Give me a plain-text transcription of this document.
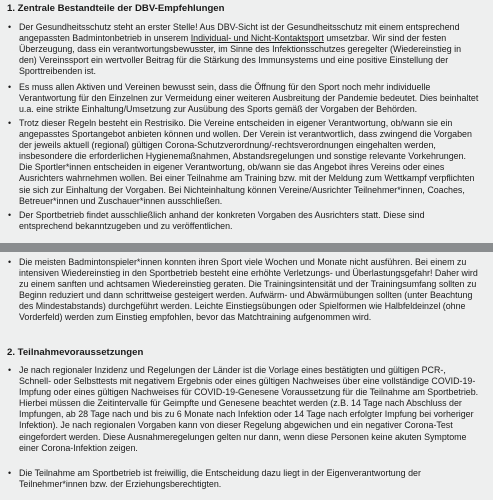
1. Zentrale Bestandteile der DBV-Empfehlungen

• Der Gesundheitsschutz steht an erster Stelle! Aus DBV-Sicht ist der Gesundheitsschutz mit einem entsprechend angepassten Badmintonbetrieb in unserem Individual- und Nicht-Kontaktsport umsetzbar. Wir sind der festen Überzeugung, dass ein verantwortungsbewusster, im Sinne des Infektionsschutzes geregelter (Wiedereinstieg in den) Vereinssport ein wertvoller Beitrag für die Stärkung des Immunsystems und eine positive Einstellung der Sporttreibenden ist.
• Es muss allen Aktiven und Vereinen bewusst sein, dass die Öffnung für den Sport noch mehr individuelle Verantwortung für den Einzelnen zur Vermeidung einer weiteren Ausbreitung der Pandemie bedeutet. Dies beinhaltet u.a. eine strikte Einhaltung/Umsetzung zur Ausübung des Sports gemäß der Vorgaben der Behörden.
• Trotz dieser Regeln besteht ein Restrisiko. Die Vereine entscheiden in eigener Verantwortung, ob/wann sie ein angepasstes Sportangebot anbieten können und wollen. Der Verein ist verantwortlich, dass zwingend die Vorgaben der jeweils aktuell (regional) gültigen Corona-Schutzverordnung/-rechtsverordnungen eingehalten werden, insbesondere die erforderlichen Hygienemaßnahmen, Abstandsregelungen und sonstige relevante Vorkehrungen. Die Sportler*innen entscheiden in eigener Verantwortung, ob/wann sie das Angebot ihres Vereins oder eines Ausrichters wahrnehmen wollen. Bei einer Teilnahme am Training bzw. mit der Meldung zum Wettkampf verpflichten sie sich zur Einhaltung der Vorgaben. Bei Nichteinhaltung können Vereine/Ausrichter Teilnehmer*innen, Coaches, Betreuer*innen und Zuschauer*innen ausschließen.
• Der Sportbetrieb findet ausschließlich anhand der konkreten Vorgaben des Ausrichters statt. Diese sind entsprechend bekanntzugeben und zu veröffentlichen.
• Die meisten Badmintonspieler*innen konnten ihren Sport viele Wochen und Monate nicht ausführen. Bei einem zu intensiven Wiedereinstieg in den Sportbetrieb besteht eine erhöhte Verletzungs- und Überlastungsgefahr! Daher wird zu einem sanften und achtsamen Wiedereinstieg geraten. Die Trainingsintensität und der Trainingsumfang sollten zu Beginn reduziert und dann schrittweise gesteigert werden. Aufwärm- und Abwärmübungen sollten (unter Beachtung des Mindestabstands) durchgeführt werden. Leichte Einstiegsübungen oder Spielformen wie Halbfeldeinzel (ohne Vorderfeld) werden zum Einstieg empfohlen, bevor das Matchtraining aufgenommen wird.

2. Teilnahmevoraussetzungen

• Je nach regionaler Inzidenz und Regelungen der Länder ist die Vorlage eines bestätigten und gültigen PCR-, Schnell- oder Selbsttests mit negativem Ergebnis oder eines gültigen Nachweises über eine vollständige COVID-19-Impfung oder eines gültigen Nachweises für COVID-19-Genesene Voraussetzung für die Teilnahme am Sportbetrieb. Hierbei müssen die Zeitintervalle für Geimpfte und Genesene beachtet werden (z.B. 14 Tage nach Abschluss der Impfungen, ab 28 Tage nach und bis zu 6 Monate nach Infektion oder 14 Tage nach erfolgter Impfung bei vorheriger Infektion). Je nach regionalen Vorgaben kann von dieser Regelung abgewichen und ein negativer Corona-Test eingefordert werden. Diese Ausnahmeregelungen gelten nur dann, wenn diese Personen keine akuten Symptome einer Corona-Infektion zeigen.
• Die Teilnahme am Sportbetrieb ist freiwillig, die Entscheidung dazu liegt in der Eigenverantwortung der Teilnehmer*innen bzw. der Erziehungsberechtigten.
